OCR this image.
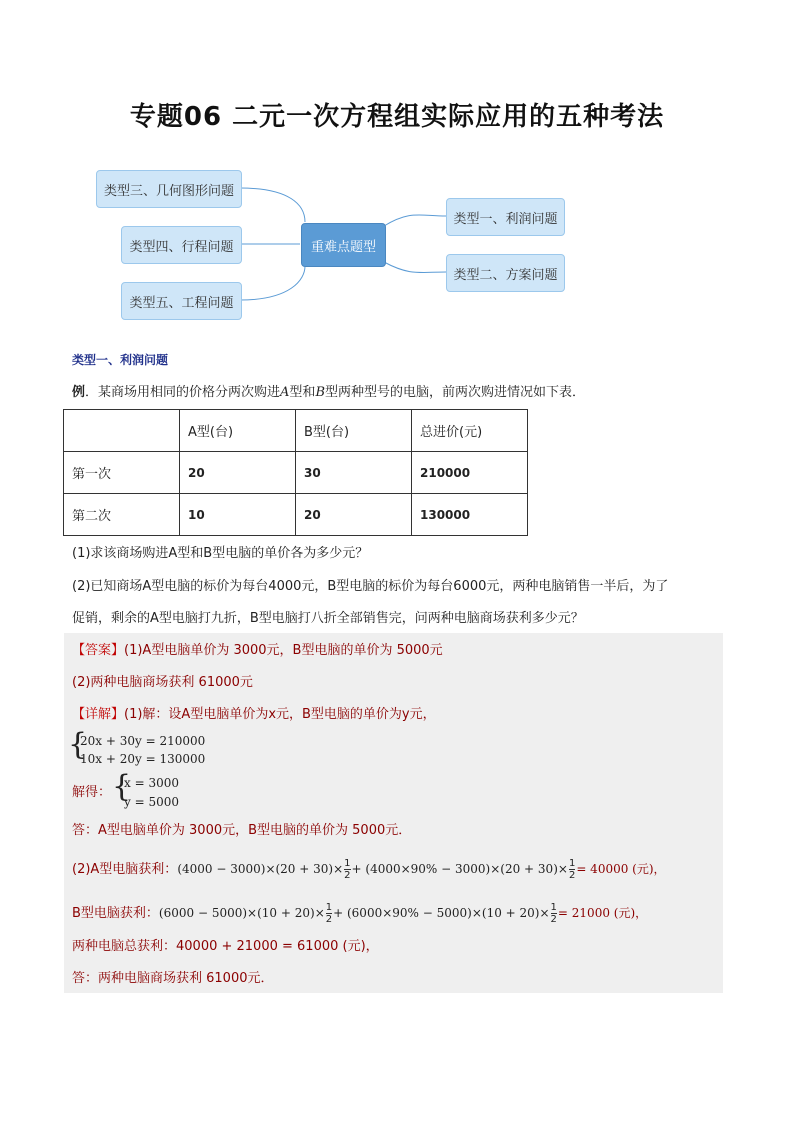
专题06 二元一次方程组实际应用的五种考法
类型三、几何图形问题
类型四、行程问题
类型五、工程问题
重难点题型
类型一、利润问题
类型二、方案问题
类型一、利润问题
例．某商场用相同的价格分两次购进A型和B型两种型号的电脑，前两次购进情况如下表．
	A型(台)	B型(台)	总进价(元)
第一次	20	30	210000
第二次	10	20	130000
(1)求该商场购进A型和B型电脑的单价各为多少元？
(2)已知商场A型电脑的标价为每台4000元，B型电脑的标价为每台6000元，两种电脑销售一半后，为了
促销，剩余的A型电脑打九折，B型电脑打八折全部销售完，问两种电脑商场获利多少元？
【答案】(1)A型电脑单价为 3000元，B型电脑的单价为 5000元
(2)两种电脑商场获利 61000元
【详解】(1)解：设A型电脑单价为x元，B型电脑的单价为y元，
{
20x + 30y = 210000
10x + 20y = 130000
解得： {
x = 3000
y = 5000
答：A型电脑单价为 3000元，B型电脑的单价为 5000元．
(2)A型电脑获利：$(4000 - 3000)\times(20 + 30)\times \frac{1}{2} + (4000\times 90\% - 3000)\times(20 + 30)\times \frac{1}{2} = 40000$ (元)，
B型电脑获利：$(6000 - 5000)\times(10 + 20)\times \frac{1}{2} + (6000\times 90\% - 5000)\times(10 + 20)\times \frac{1}{2} = 21000$ (元)，
两种电脑总获利：40000 + 21000 = 61000 (元)，
答：两种电脑商场获利 61000元．
